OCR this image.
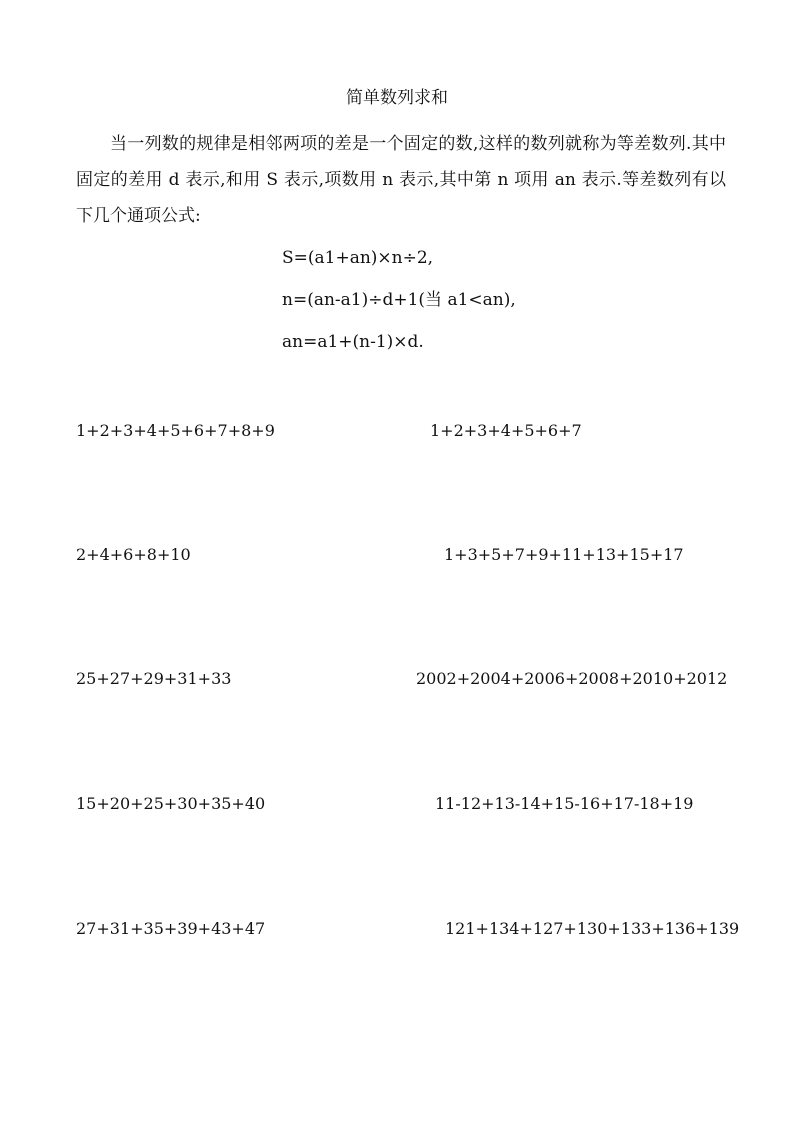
简单数列求和
当一列数的规律是相邻两项的差是一个固定的数,这样的数列就称为等差数列.其中固定的差用 d 表示,和用 S 表示,项数用 n 表示,其中第 n 项用 an 表示.等差数列有以下几个通项公式:
S=(a1+an)×n÷2,
n=(an-a1)÷d+1(当 a1<an),
an=a1+(n-1)×d.
1+2+3+4+5+6+7+8+9	1+2+3+4+5+6+7
2+4+6+8+10	1+3+5+7+9+11+13+15+17
25+27+29+31+33	2002+2004+2006+2008+2010+2012
15+20+25+30+35+40	11-12+13-14+15-16+17-18+19
27+31+35+39+43+47	121+134+127+130+133+136+139
